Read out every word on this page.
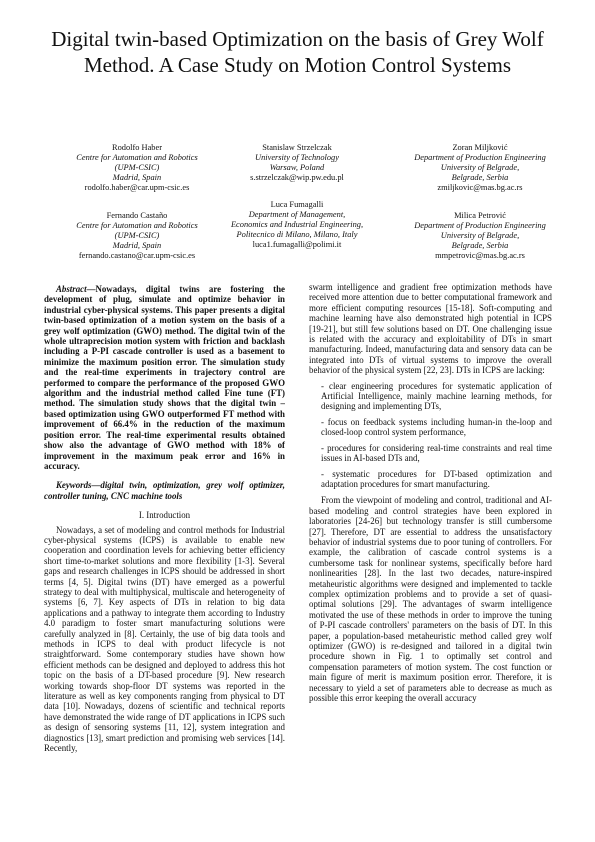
Digital twin-based Optimization on the basis of Grey Wolf Method. A Case Study on Motion Control Systems
Rodolfo Haber
Centre for Automation and Robotics
(UPM-CSIC)
Madrid, Spain
rodolfo.haber@car.upm-csic.es
Stanislaw Strzelczak
University of Technology
Warsaw, Poland
s.strzelczak@wip.pw.edu.pl
Zoran Miljković
Department of Production Engineering
University of Belgrade,
Belgrade, Serbia
zmiljkovic@mas.bg.ac.rs
Fernando Castaño
Centre for Automation and Robotics
(UPM-CSIC)
Madrid, Spain
fernando.castano@car.upm-csic.es
Luca Fumagalli
Department of Management,
Economics and Industrial Engineering,
Politecnico di Milano, Milano, Italy
luca1.fumagalli@polimi.it
Milica Petrović
Department of Production Engineering
University of Belgrade,
Belgrade, Serbia
mmpetrovic@mas.bg.ac.rs

Abstract—Nowadays, digital twins are fostering the development of plug, simulate and optimize behavior in industrial cyber-physical systems. This paper presents a digital twin-based optimization of a motion system on the basis of a grey wolf optimization (GWO) method. The digital twin of the whole ultraprecision motion system with friction and backlash including a P-PI cascade controller is used as a basement to minimize the maximum position error. The simulation study and the real-time experiments in trajectory control are performed to compare the performance of the proposed GWO algorithm and the industrial method called Fine tune (FT) method. The simulation study shows that the digital twin –based optimization using GWO outperformed FT method with improvement of 66.4% in the reduction of the maximum position error. The real-time experimental results obtained show also the advantage of GWO method with 18% of improvement in the maximum peak error and 16% in accuracy.

Keywords—digital twin, optimization, grey wolf optimizer, controller tuning, CNC machine tools

I. Introduction

Nowadays, a set of modeling and control methods for Industrial cyber-physical systems (ICPS) is available to enable new cooperation and coordination levels for achieving better efficiency short time-to-market solutions and more flexibility [1-3]. Several gaps and research challenges in ICPS should be addressed in short terms [4, 5]. Digital twins (DT) have emerged as a powerful strategy to deal with multiphysical, multiscale and heterogeneity of systems [6, 7]. Key aspects of DTs in relation to big data applications and a pathway to integrate them according to Industry 4.0 paradigm to foster smart manufacturing solutions were carefully analyzed in [8]. Certainly, the use of big data tools and methods in ICPS to deal with product lifecycle is not straightforward. Some contemporary studies have shown how efficient methods can be designed and deployed to address this hot topic on the basis of a DT-based procedure [9]. New research working towards shop-floor DT systems was reported in the literature as well as key components ranging from physical to DT data [10]. Nowadays, dozens of scientific and technical reports have demonstrated the wide range of DT applications in ICPS such as design of sensoring systems [11, 12], system integration and diagnostics [13], smart prediction and promising web services [14]. Recently,

swarm intelligence and gradient free optimization methods have received more attention due to better computational framework and more efficient computing resources [15-18]. Soft-computing and machine learning have also demonstrated high potential in ICPS [19-21], but still few solutions based on DT. One challenging issue is related with the accuracy and exploitability of DTs in smart manufacturing. Indeed, manufacturing data and sensory data can be integrated into DTs of virtual systems to improve the overall behavior of the physical system [22, 23]. DTs in ICPS are lacking:

- clear engineering procedures for systematic application of Artificial Intelligence, mainly machine learning methods, for designing and implementing DTs,

- focus on feedback systems including human-in the-loop and closed-loop control system performance,

- procedures for considering real-time constraints and real time issues in AI-based DTs and,

- systematic procedures for DT-based optimization and adaptation procedures for smart manufacturing.

From the viewpoint of modeling and control, traditional and AI-based modeling and control strategies have been explored in laboratories [24-26] but technology transfer is still cumbersome [27]. Therefore, DT are essential to address the unsatisfactory behavior of industrial systems due to poor tuning of controllers. For example, the calibration of cascade control systems is a cumbersome task for nonlinear systems, specifically before hard nonlinearities [28]. In the last two decades, nature-inspired metaheuristic algorithms were designed and implemented to tackle complex optimization problems and to provide a set of quasi-optimal solutions [29]. The advantages of swarm intelligence motivated the use of these methods in order to improve the tuning of P-PI cascade controllers' parameters on the basis of DT. In this paper, a population-based metaheuristic method called grey wolf optimizer (GWO) is re-designed and tailored in a digital twin procedure shown in Fig. 1 to optimally set control and compensation parameters of motion system. The cost function or main figure of merit is maximum position error. Therefore, it is necessary to yield a set of parameters able to decrease as much as possible this error keeping the overall accuracy
